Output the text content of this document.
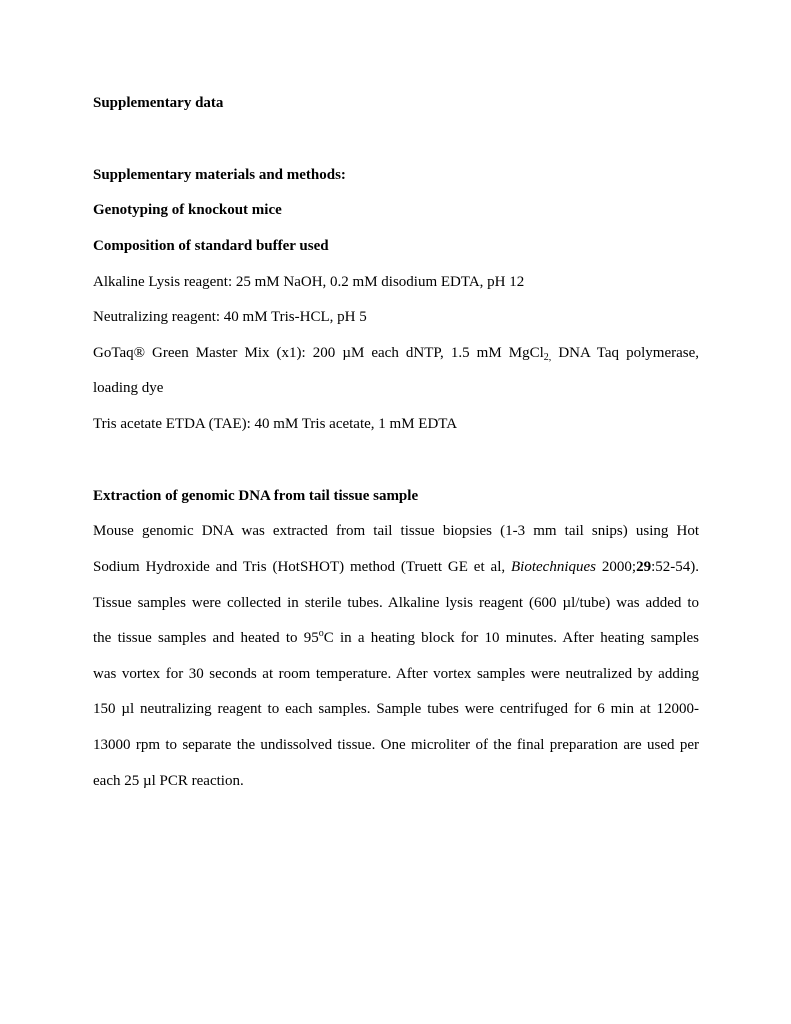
Supplementary data
Supplementary materials and methods:
Genotyping of knockout mice
Composition of standard buffer used
Alkaline Lysis reagent: 25 mM NaOH, 0.2 mM disodium EDTA, pH 12
Neutralizing reagent: 40 mM Tris-HCL, pH 5
GoTaq® Green Master Mix (x1): 200 µM each dNTP, 1.5 mM MgCl$_{2,}$ DNA Taq polymerase,
loading dye
Tris acetate ETDA (TAE): 40 mM Tris acetate, 1 mM EDTA
Extraction of genomic DNA from tail tissue sample
Mouse genomic DNA was extracted from tail tissue biopsies (1-3 mm tail snips) using Hot
Sodium Hydroxide and Tris (HotSHOT) method (Truett GE et al, Biotechniques 2000;29:52-54).
Tissue samples were collected in sterile tubes. Alkaline lysis reagent (600 µl/tube) was added to
the tissue samples and heated to 95$^o$C in a heating block for 10 minutes. After heating samples
was vortex for 30 seconds at room temperature. After vortex samples were neutralized by adding
150 µl neutralizing reagent to each samples. Sample tubes were centrifuged for 6 min at 12000-
13000 rpm to separate the undissolved tissue. One microliter of the final preparation are used per
each 25 µl PCR reaction.
